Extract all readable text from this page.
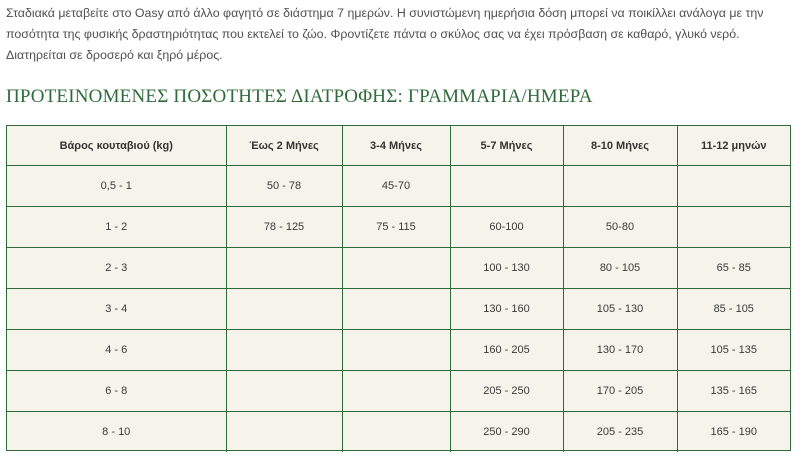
Σταδιακά μεταβείτε στο Oasy από άλλο φαγητό σε διάστημα 7 ημερών. Η συνιστώμενη ημερήσια δόση μπορεί να ποικίλλει ανάλογα με την ποσότητα της φυσικής δραστηριότητας που εκτελεί το ζώο. Φροντίζετε πάντα ο σκύλος σας να έχει πρόσβαση σε καθαρό, γλυκό νερό. Διατηρείται σε δροσερό και ξηρό μέρος.

ΠΡΟΤΕΙΝΟΜΕΝΕΣ ΠΟΣΟΤΗΤΕΣ ΔΙΑΤΡΟΦΗΣ: ΓΡΑΜΜΑΡΙΑ/ΗΜΕΡΑ
Βάρος κουταβιού (kg)	Έως 2 Μήνες	3-4 Μήνες	5-7 Μήνες	8-10 Μήνες	11-12 μηνών
0,5 - 1	50 - 78	45-70			
1 - 2	78 - 125	75 - 115	60-100	50-80	
2 - 3			100 - 130	80 - 105	65 - 85
3 - 4			130 - 160	105 - 130	85 - 105
4 - 6			160 - 205	130 - 170	105 - 135
6 - 8			205 - 250	170 - 205	135 - 165
8 - 10			250 - 290	205 - 235	165 - 190
